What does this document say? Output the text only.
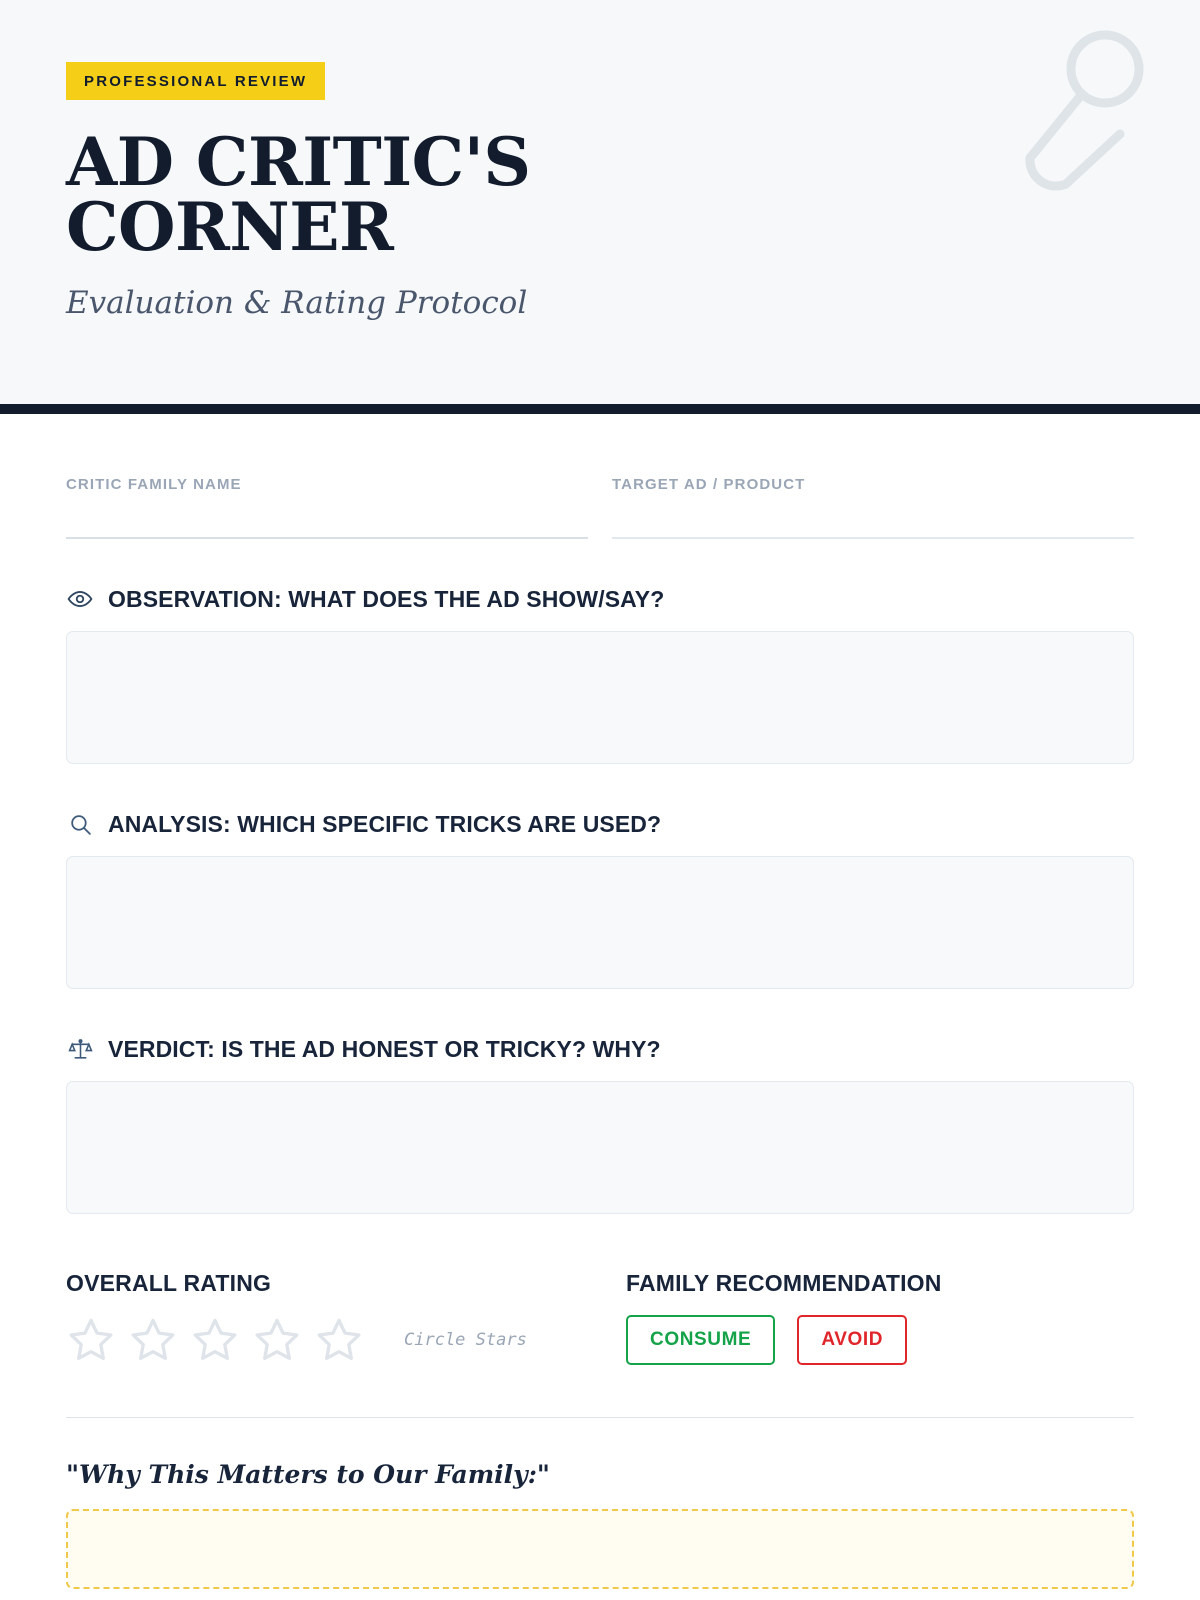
PROFESSIONAL REVIEW
AD CRITIC'S CORNER
Evaluation & Rating Protocol
CRITIC FAMILY NAME	TARGET AD / PRODUCT
OBSERVATION: WHAT DOES THE AD SHOW/SAY?
ANALYSIS: WHICH SPECIFIC TRICKS ARE USED?
VERDICT: IS THE AD HONEST OR TRICKY? WHY?
OVERALL RATING
Circle Stars
FAMILY RECOMMENDATION
CONSUME	AVOID
"Why This Matters to Our Family:"
